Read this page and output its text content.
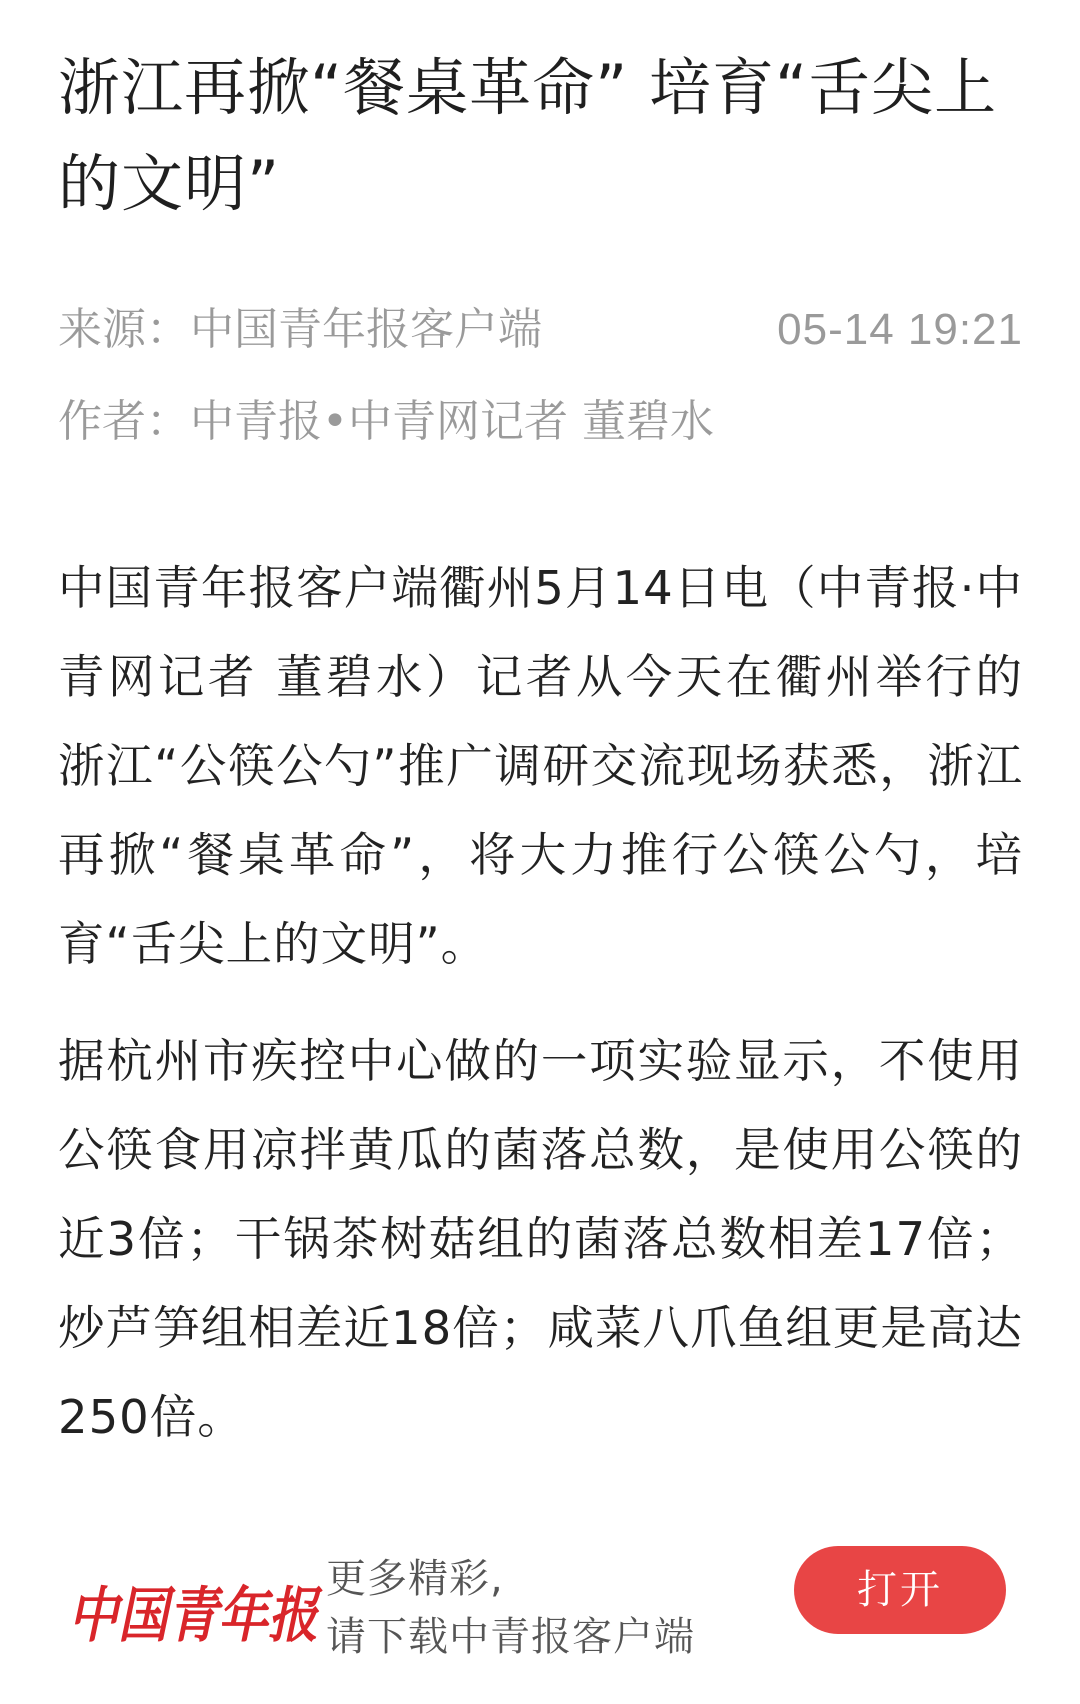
浙江再掀“餐桌革命” 培育“舌尖上的文明”
来源：中国青年报客户端	05-14 19:21
作者：中青报•中青网记者 董碧水

中国青年报客户端衢州5月14日电（中青报·中青网记者 董碧水）记者从今天在衢州举行的浙江“公筷公勺”推广调研交流现场获悉，浙江再掀“餐桌革命”，将大力推行公筷公勺，培育“舌尖上的文明”。

据杭州市疾控中心做的一项实验显示，不使用公筷食用凉拌黄瓜的菌落总数，是使用公筷的近3倍；干锅茶树菇组的菌落总数相差17倍；炒芦笋组相差近18倍；咸菜八爪鱼组更是高达250倍。

中国青年报
更多精彩,
请下载中青报客户端
打开
